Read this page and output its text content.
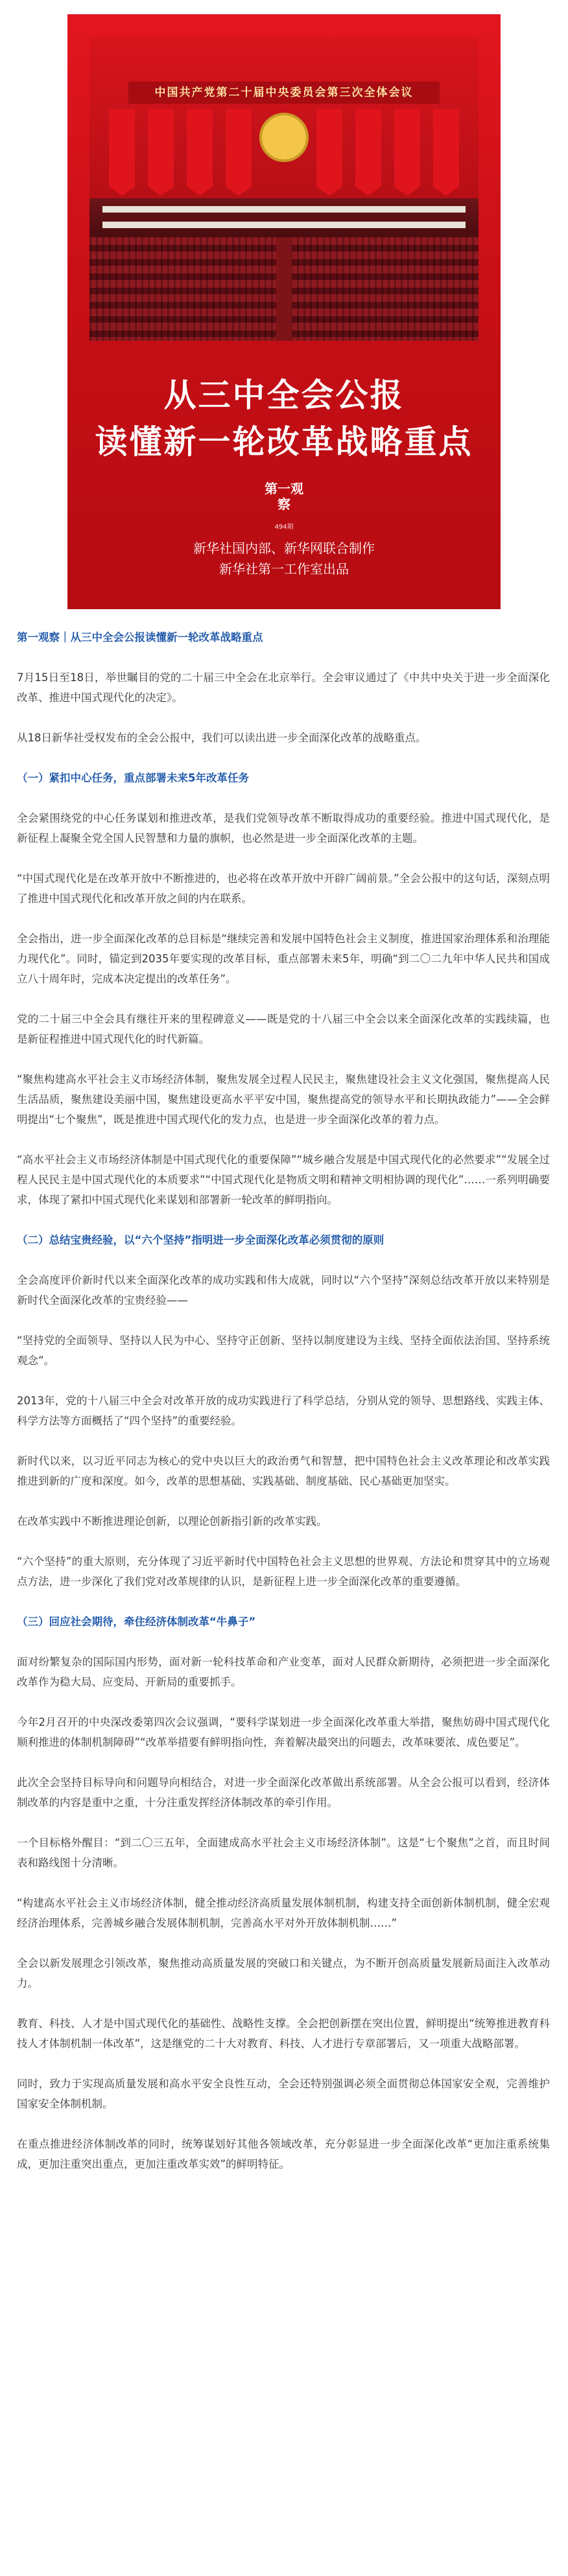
中国共产党第二十届中央委员会第三次全体会议
从三中全会公报
读懂新一轮改革战略重点
第一观察
494期
新华社国内部、新华网联合制作
新华社第一工作室出品
第一观察｜从三中全会公报读懂新一轮改革战略重点

7月15日至18日，举世瞩目的党的二十届三中全会在北京举行。全会审议通过了《中共中央关于进一步全面深化改革、推进中国式现代化的决定》。

从18日新华社受权发布的全会公报中，我们可以读出进一步全面深化改革的战略重点。

（一）紧扣中心任务，重点部署未来5年改革任务

全会紧围绕党的中心任务谋划和推进改革，是我们党领导改革不断取得成功的重要经验。推进中国式现代化，是新征程上凝聚全党全国人民智慧和力量的旗帜，也必然是进一步全面深化改革的主题。

“中国式现代化是在改革开放中不断推进的，也必将在改革开放中开辟广阔前景。”全会公报中的这句话，深刻点明了推进中国式现代化和改革开放之间的内在联系。

全会指出，进一步全面深化改革的总目标是“继续完善和发展中国特色社会主义制度，推进国家治理体系和治理能力现代化”。同时，锚定到2035年要实现的改革目标，重点部署未来5年，明确“到二〇二九年中华人民共和国成立八十周年时，完成本决定提出的改革任务”。

党的二十届三中全会具有继往开来的里程碑意义——既是党的十八届三中全会以来全面深化改革的实践续篇，也是新征程推进中国式现代化的时代新篇。

“聚焦构建高水平社会主义市场经济体制，聚焦发展全过程人民民主，聚焦建设社会主义文化强国，聚焦提高人民生活品质，聚焦建设美丽中国，聚焦建设更高水平平安中国，聚焦提高党的领导水平和长期执政能力”——全会鲜明提出“七个聚焦”，既是推进中国式现代化的发力点，也是进一步全面深化改革的着力点。

“高水平社会主义市场经济体制是中国式现代化的重要保障”“城乡融合发展是中国式现代化的必然要求”“发展全过程人民民主是中国式现代化的本质要求”“中国式现代化是物质文明和精神文明相协调的现代化”……一系列明确要求，体现了紧扣中国式现代化来谋划和部署新一轮改革的鲜明指向。

（二）总结宝贵经验，以“六个坚持”指明进一步全面深化改革必须贯彻的原则

全会高度评价新时代以来全面深化改革的成功实践和伟大成就，同时以“六个坚持”深刻总结改革开放以来特别是新时代全面深化改革的宝贵经验——

“坚持党的全面领导、坚持以人民为中心、坚持守正创新、坚持以制度建设为主线、坚持全面依法治国、坚持系统观念”。

2013年，党的十八届三中全会对改革开放的成功实践进行了科学总结，分别从党的领导、思想路线、实践主体、科学方法等方面概括了“四个坚持”的重要经验。

新时代以来，以习近平同志为核心的党中央以巨大的政治勇气和智慧，把中国特色社会主义改革理论和改革实践推进到新的广度和深度。如今，改革的思想基础、实践基础、制度基础、民心基础更加坚实。

在改革实践中不断推进理论创新，以理论创新指引新的改革实践。

“六个坚持”的重大原则，充分体现了习近平新时代中国特色社会主义思想的世界观、方法论和贯穿其中的立场观点方法，进一步深化了我们党对改革规律的认识，是新征程上进一步全面深化改革的重要遵循。

（三）回应社会期待，牵住经济体制改革“牛鼻子”

面对纷繁复杂的国际国内形势，面对新一轮科技革命和产业变革，面对人民群众新期待，必须把进一步全面深化改革作为稳大局、应变局、开新局的重要抓手。

今年2月召开的中央深改委第四次会议强调，“要科学谋划进一步全面深化改革重大举措，聚焦妨碍中国式现代化顺利推进的体制机制障碍”“改革举措要有鲜明指向性，奔着解决最突出的问题去，改革味要浓、成色要足”。

此次全会坚持目标导向和问题导向相结合，对进一步全面深化改革做出系统部署。从全会公报可以看到，经济体制改革的内容是重中之重，十分注重发挥经济体制改革的牵引作用。

一个目标格外醒目：“到二〇三五年，全面建成高水平社会主义市场经济体制”。这是“七个聚焦”之首，而且时间表和路线图十分清晰。

“构建高水平社会主义市场经济体制，健全推动经济高质量发展体制机制，构建支持全面创新体制机制，健全宏观经济治理体系，完善城乡融合发展体制机制，完善高水平对外开放体制机制……”

全会以新发展理念引领改革，聚焦推动高质量发展的突破口和关键点，为不断开创高质量发展新局面注入改革动力。

教育、科技、人才是中国式现代化的基础性、战略性支撑。全会把创新摆在突出位置，鲜明提出“统筹推进教育科技人才体制机制一体改革”，这是继党的二十大对教育、科技、人才进行专章部署后，又一项重大战略部署。

同时，致力于实现高质量发展和高水平安全良性互动，全会还特别强调必须全面贯彻总体国家安全观，完善维护国家安全体制机制。

在重点推进经济体制改革的同时，统筹谋划好其他各领域改革，充分彰显进一步全面深化改革“更加注重系统集成，更加注重突出重点，更加注重改革实效”的鲜明特征。
